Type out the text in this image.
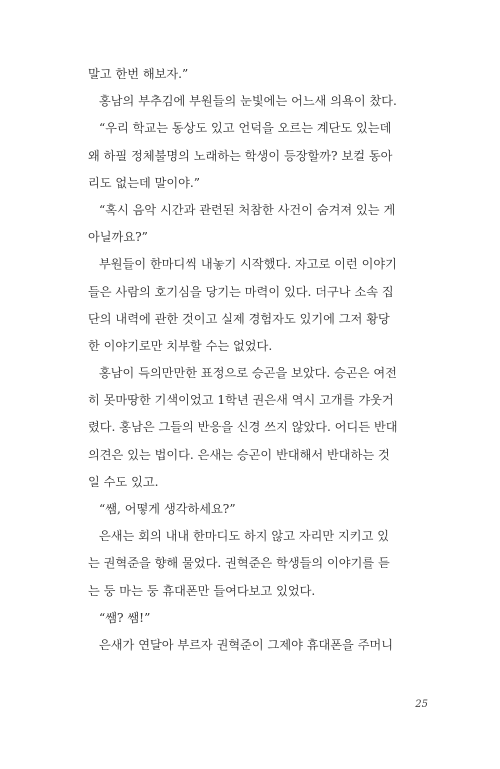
말고 한번 해보자.”
홍남의 부추김에 부원들의 눈빛에는 어느새 의욕이 찼다.
“우리 학교는 동상도 있고 언덕을 오르는 계단도 있는데
왜 하필 정체불명의 노래하는 학생이 등장할까? 보컬 동아
리도 없는데 말이야.”
“혹시 음악 시간과 관련된 처참한 사건이 숨겨져 있는 게
아닐까요?”
부원들이 한마디씩 내놓기 시작했다. 자고로 이런 이야기
들은 사람의 호기심을 당기는 마력이 있다. 더구나 소속 집
단의 내력에 관한 것이고 실제 경험자도 있기에 그저 황당
한 이야기로만 치부할 수는 없었다.
홍남이 득의만만한 표정으로 승곤을 보았다. 승곤은 여전
히 못마땅한 기색이었고 1학년 권은새 역시 고개를 갸웃거
렸다. 홍남은 그들의 반응을 신경 쓰지 않았다. 어디든 반대
의견은 있는 법이다. 은새는 승곤이 반대해서 반대하는 것
일 수도 있고.
“쌤, 어떻게 생각하세요?”
은새는 회의 내내 한마디도 하지 않고 자리만 지키고 있
는 권혁준을 향해 물었다. 권혁준은 학생들의 이야기를 듣
는 둥 마는 둥 휴대폰만 들여다보고 있었다.
“쌤? 쌤!”
은새가 연달아 부르자 권혁준이 그제야 휴대폰을 주머니
25
